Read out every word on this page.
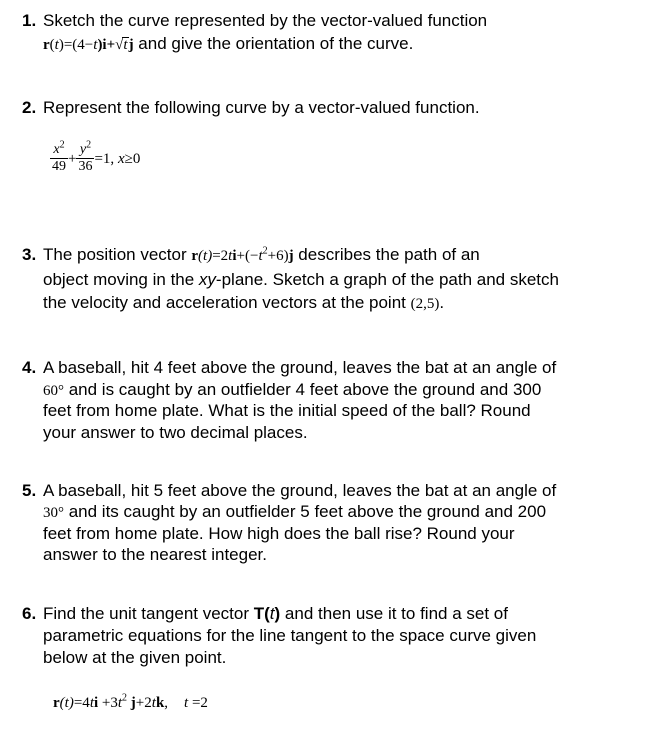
1. Sketch the curve represented by the vector-valued function
r(t)=(4−t)i+√tj and give the orientation of the curve.
2. Represent the following curve by a vector-valued function.
$\frac{x^2}{49} + \frac{y^2}{36} =1$, x≥0
3. The position vector $r(t)=2ti+(-t^2+6)j$ describes the path of an
object moving in the xy-plane. Sketch a graph of the path and sketch
the velocity and acceleration vectors at the point (2,5).
4. A baseball, hit 4 feet above the ground, leaves the bat at an angle of
60° and is caught by an outfielder 4 feet above the ground and 300
feet from home plate. What is the initial speed of the ball? Round
your answer to two decimal places.
5. A baseball, hit 5 feet above the ground, leaves the bat at an angle of
30° and its caught by an outfielder 5 feet above the ground and 200
feet from home plate. How high does the ball rise? Round your
answer to the nearest integer.
6. Find the unit tangent vector T(t) and then use it to find a set of
parametric equations for the line tangent to the space curve given
below at the given point.
$r(t)=4ti +3t^2$ j+2tk, t =2
